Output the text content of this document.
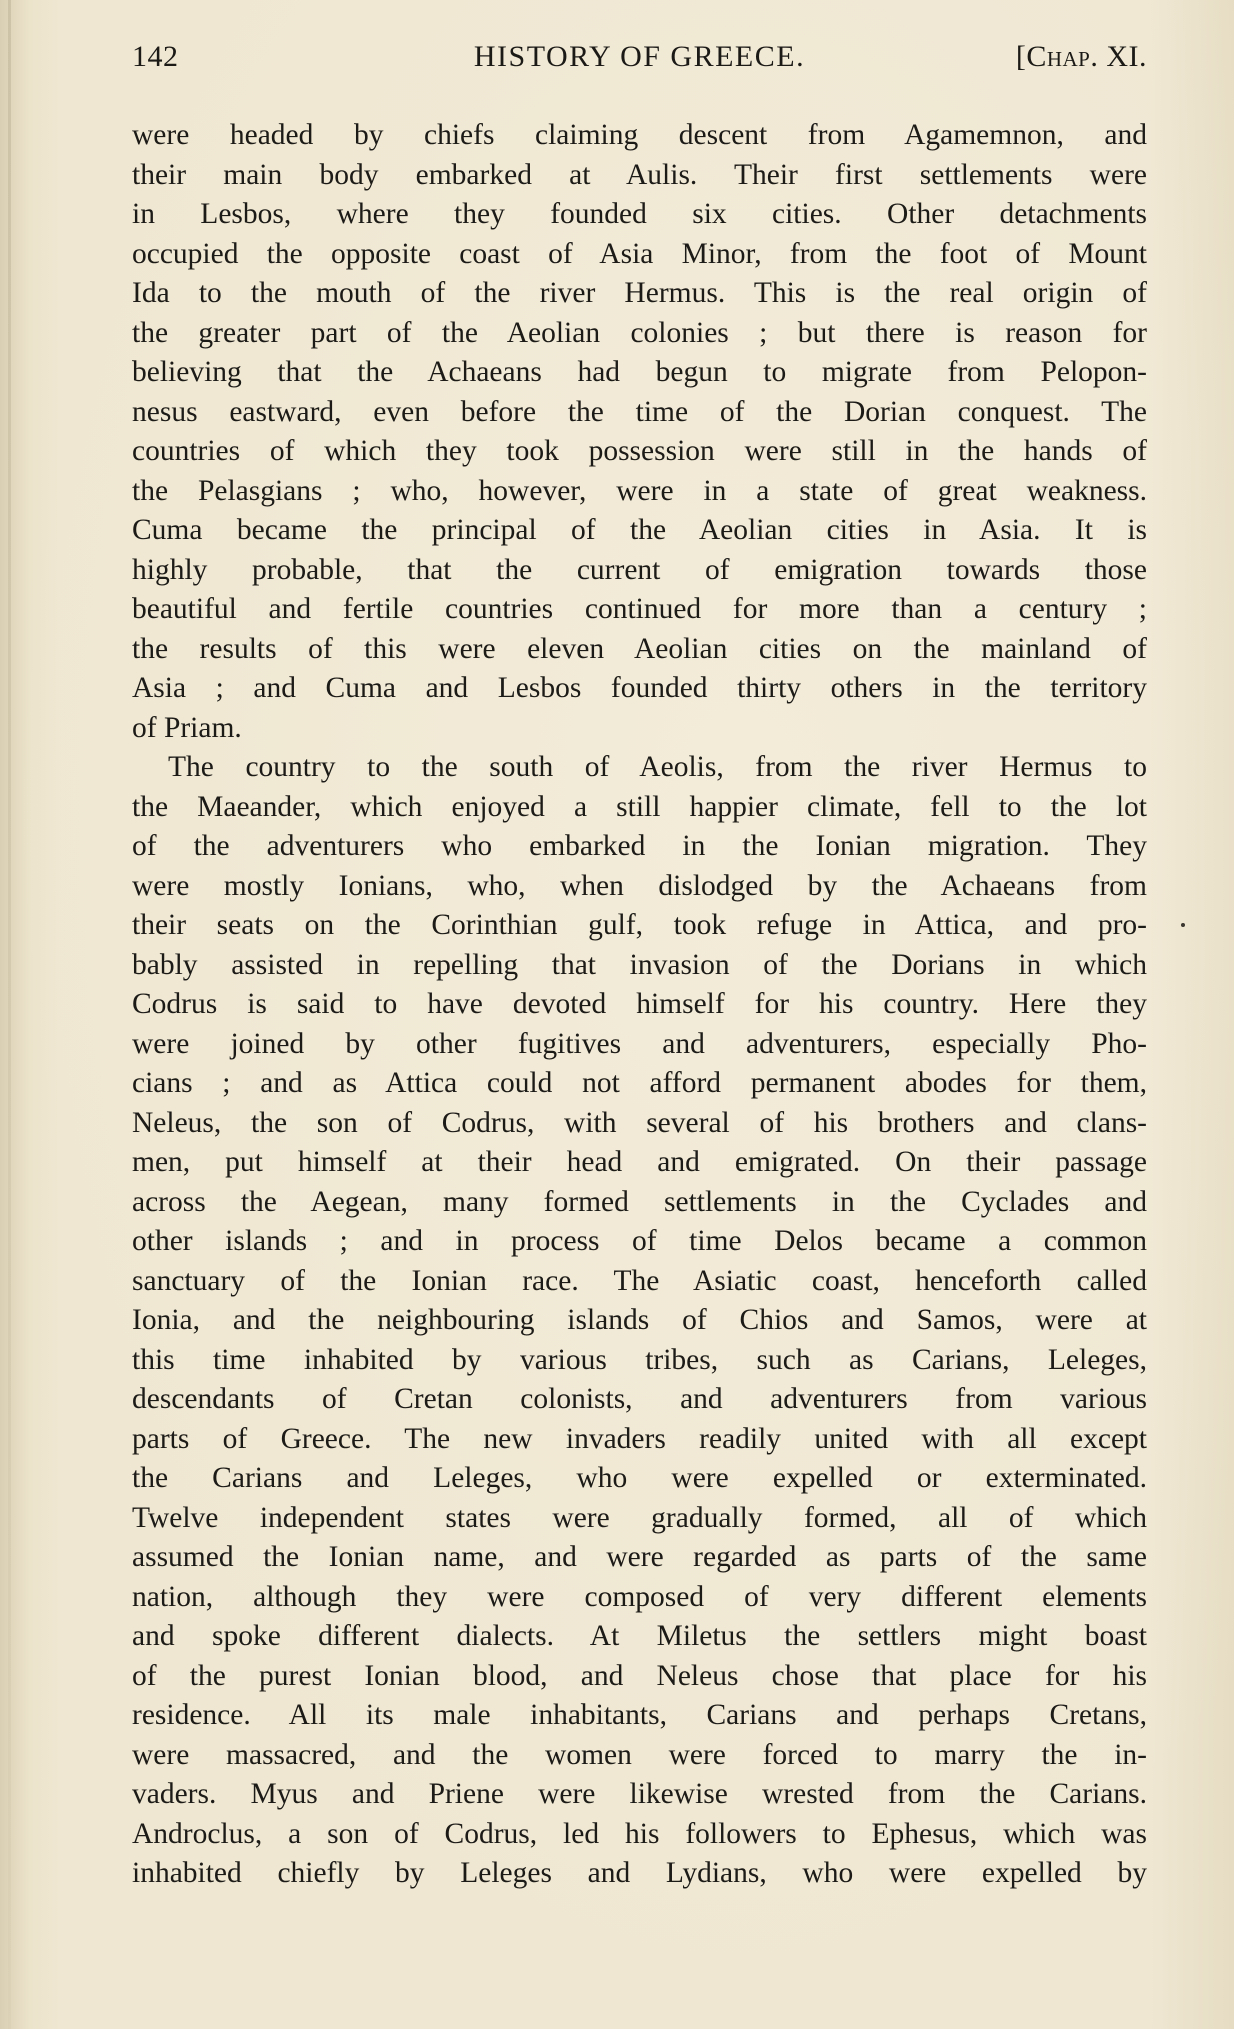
142	HISTORY OF GREECE.	[Chap. XI.
were headed by chiefs claiming descent from Agamemnon, and
their main body embarked at Aulis. Their first settlements were
in Lesbos, where they founded six cities. Other detachments
occupied the opposite coast of Asia Minor, from the foot of Mount
Ida to the mouth of the river Hermus. This is the real origin of
the greater part of the Aeolian colonies ; but there is reason for
believing that the Achaeans had begun to migrate from Pelopon-
nesus eastward, even before the time of the Dorian conquest. The
countries of which they took possession were still in the hands of
the Pelasgians ; who, however, were in a state of great weakness.
Cuma became the principal of the Aeolian cities in Asia. It is
highly probable, that the current of emigration towards those
beautiful and fertile countries continued for more than a century ;
the results of this were eleven Aeolian cities on the mainland of
Asia ; and Cuma and Lesbos founded thirty others in the territory
of Priam.
The country to the south of Aeolis, from the river Hermus to
the Maeander, which enjoyed a still happier climate, fell to the lot
of the adventurers who embarked in the Ionian migration. They
were mostly Ionians, who, when dislodged by the Achaeans from
their seats on the Corinthian gulf, took refuge in Attica, and pro-
bably assisted in repelling that invasion of the Dorians in which
Codrus is said to have devoted himself for his country. Here they
were joined by other fugitives and adventurers, especially Pho-
cians ; and as Attica could not afford permanent abodes for them,
Neleus, the son of Codrus, with several of his brothers and clans-
men, put himself at their head and emigrated. On their passage
across the Aegean, many formed settlements in the Cyclades and
other islands ; and in process of time Delos became a common
sanctuary of the Ionian race. The Asiatic coast, henceforth called
Ionia, and the neighbouring islands of Chios and Samos, were at
this time inhabited by various tribes, such as Carians, Leleges,
descendants of Cretan colonists, and adventurers from various
parts of Greece. The new invaders readily united with all except
the Carians and Leleges, who were expelled or exterminated.
Twelve independent states were gradually formed, all of which
assumed the Ionian name, and were regarded as parts of the same
nation, although they were composed of very different elements
and spoke different dialects. At Miletus the settlers might boast
of the purest Ionian blood, and Neleus chose that place for his
residence. All its male inhabitants, Carians and perhaps Cretans,
were massacred, and the women were forced to marry the in-
vaders. Myus and Priene were likewise wrested from the Carians.
Androclus, a son of Codrus, led his followers to Ephesus, which was
inhabited chiefly by Leleges and Lydians, who were expelled by
